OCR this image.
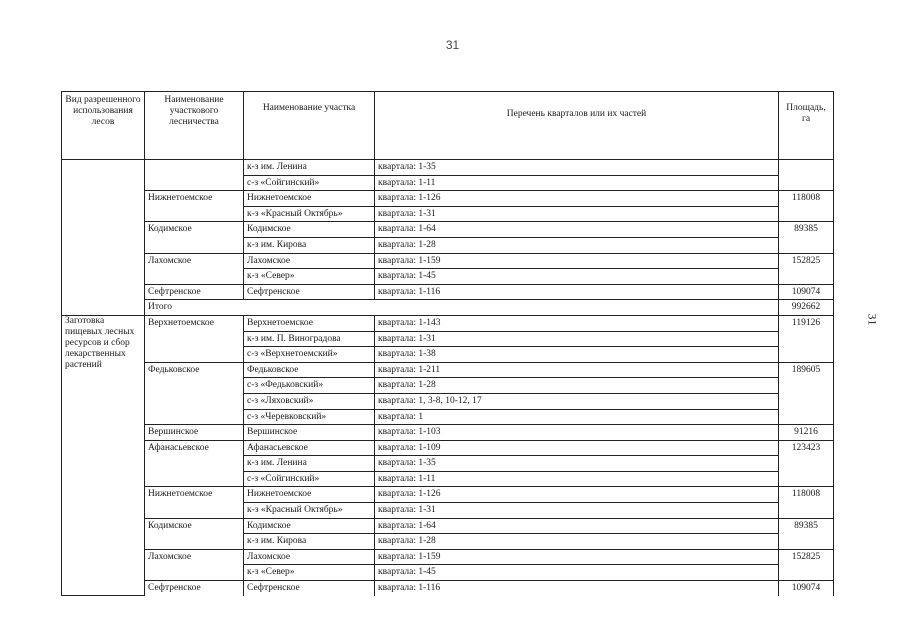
31
31
Вид разрешенного использования лесов	Наименование участкового лесничества	Наименование участка	Перечень кварталов или их частей	Площадь, га
		к-з им. Ленина	квартала: 1-35	
		с-з «Сойгинский»	квартала: 1-11	
	Нижнетоемское	Нижнетоемское	квартала: 1-126	118008
		к-з «Красный Октябрь»	квартала: 1-31	
	Кодимское	Кодимское	квартала: 1-64	89385
		к-з им. Кирова	квартала: 1-28	
	Лахомское	Лахомское	квартала: 1-159	152825
		к-з «Север»	квартала: 1-45	
	Сефтренское	Сефтренское	квартала: 1-116	109074
	Итого			992662
Заготовка пищевых лесных ресурсов и сбор лекарственных растений	Верхнетоемское	Верхнетоемское	квартала: 1-143	119126
		к-з им. П. Виноградова	квартала: 1-31	
		с-з «Верхнетоемский»	квартала: 1-38	
	Федьковское	Федьковское	квартала: 1-211	189605
		с-з «Федьковский»	квартала: 1-28	
		с-з «Ляховский»	квартала: 1, 3-8, 10-12, 17	
		с-з «Черевковский»	квартала: 1	
	Вершинское	Вершинское	квартала: 1-103	91216
	Афанасьевское	Афанасьевское	квартала: 1-109	123423
		к-з им. Ленина	квартала: 1-35	
		с-з «Сойгинский»	квартала: 1-11	
	Нижнетоемское	Нижнетоемское	квартала: 1-126	118008
		к-з «Красный Октябрь»	квартала: 1-31	
	Кодимское	Кодимское	квартала: 1-64	89385
		к-з им. Кирова	квартала: 1-28	
	Лахомское	Лахомское	квартала: 1-159	152825
		к-з «Север»	квартала: 1-45	
	Сефтренское	Сефтренское	квартала: 1-116	109074
